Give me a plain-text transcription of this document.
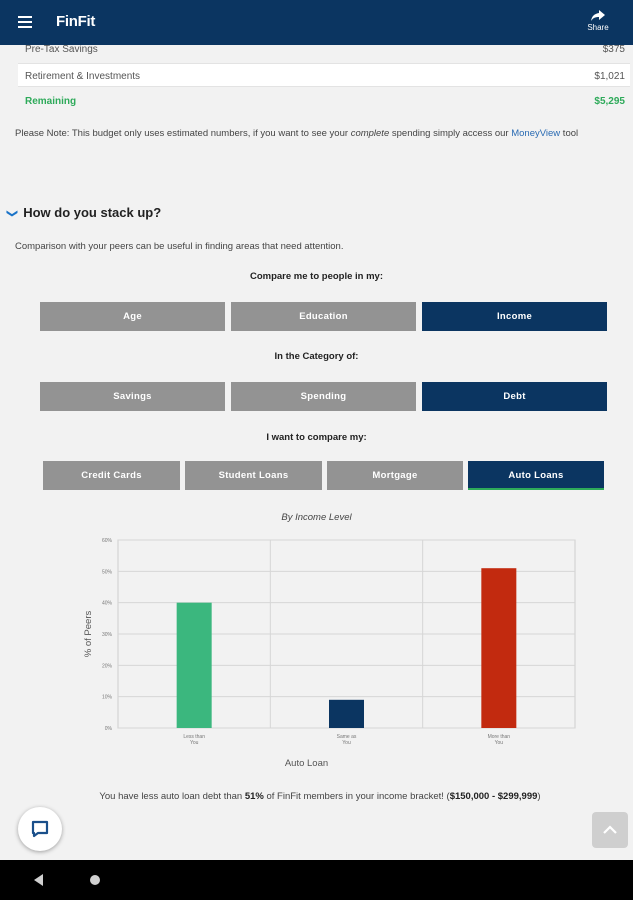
FinFit	Share
Pre-Tax Savings	$375
Retirement & Investments	$1,021
Remaining	$5,295
Please Note: This budget only uses estimated numbers, if you want to see your complete spending simply access our MoneyView tool
❯ How do you stack up?
Comparison with your peers can be useful in finding areas that need attention.
Compare me to people in my:
Age	Education	Income
In the Category of:
Savings	Spending	Debt
I want to compare my:
Credit Cards	Student Loans	Mortgage	Auto Loans
By Income Level
0%
10%
20%
30%
40%
50%
60%
Less than
You
Same as
You
More than
You
% of Peers
Auto Loan
You have less auto loan debt than 51% of FinFit members in your income bracket! ($150,000 - $299,999)
